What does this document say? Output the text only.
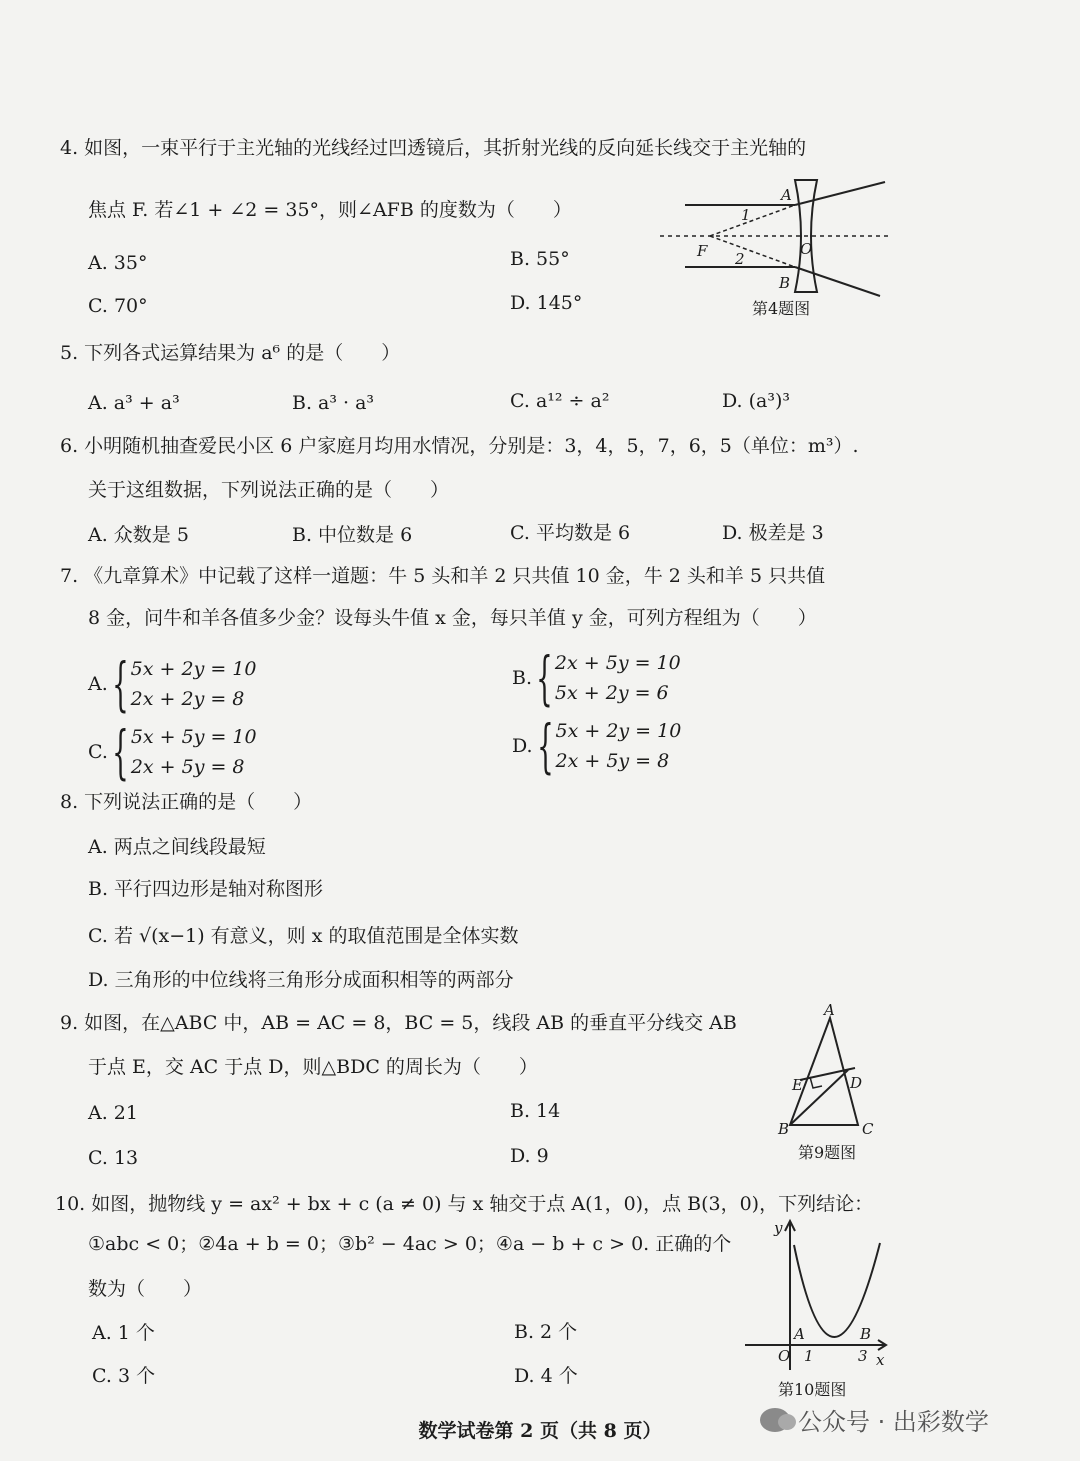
4. 如图，一束平行于主光轴的光线经过凹透镜后，其折射光线的反向延长线交于主光轴的
焦点 F. 若∠1 + ∠2 = 35°，则∠AFB 的度数为（　　）
A. 35°	B. 55°
C. 70°	D. 145°
A
B
F	O
1
2
第4题图
5. 下列各式运算结果为 a⁶ 的是（　　）
A. a³ + a³	B. a³ · a³	C. a¹² ÷ a²	D. (a³)³
6. 小明随机抽查爱民小区 6 户家庭月均用水情况，分别是：3，4，5，7，6，5（单位：m³）.
关于这组数据，下列说法正确的是（　　）
A. 众数是 5	B. 中位数是 6	C. 平均数是 6	D. 极差是 3
7. 《九章算术》中记载了这样一道题：牛 5 头和羊 2 只共值 10 金，牛 2 头和羊 5 只共值
8 金，问牛和羊各值多少金？设每头牛值 x 金，每只羊值 y 金，可列方程组为（　　）
A. { 5x + 2y = 10
2x + 2y = 8
B. { 2x + 5y = 10
5x + 2y = 6
C. { 5x + 5y = 10
2x + 5y = 8
D. { 5x + 2y = 10
2x + 5y = 8
8. 下列说法正确的是（　　）
A. 两点之间线段最短
B. 平行四边形是轴对称图形
C. 若 √(x−1) 有意义，则 x 的取值范围是全体实数
D. 三角形的中位线将三角形分成面积相等的两部分
9. 如图，在△ABC 中，AB = AC = 8，BC = 5，线段 AB 的垂直平分线交 AB
于点 E，交 AC 于点 D，则△BDC 的周长为（　　）
A. 21	B. 14
C. 13	D. 9
A
B	C
D
E
第9题图
10. 如图，抛物线 y = ax² + bx + c (a ≠ 0) 与 x 轴交于点 A(1，0)，点 B(3，0)，下列结论：
①abc < 0；②4a + b = 0；③b² − 4ac > 0；④a − b + c > 0. 正确的个
数为（　　）
A. 1 个	B. 2 个
C. 3 个	D. 4 个
y
x
O
A	B
1	3
第10题图
数学试卷第 2 页（共 8 页）	公众号 · 出彩数学
